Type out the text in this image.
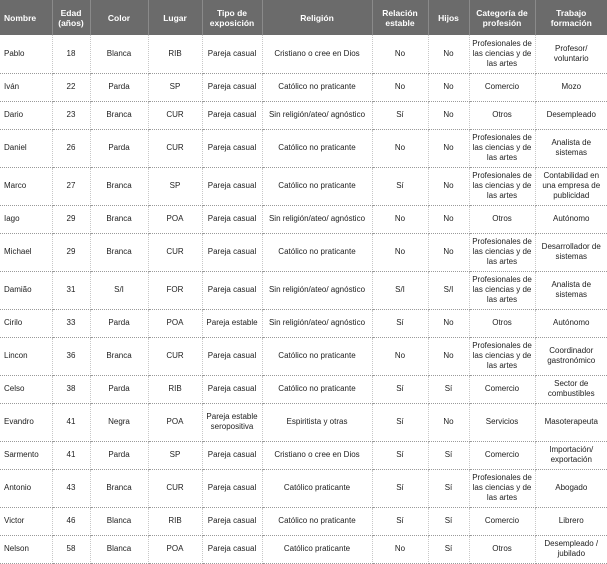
Nombre	Edad (años)	Color	Lugar	Tipo de exposición	Religión	Relación estable	Hijos	Categoría de profesión	Trabajo formación
Pablo	18	Blanca	RIB	Pareja casual	Cristiano o cree en Dios	No	No	Profesionales de las ciencias y de las artes	Profesor/ voluntario
Iván	22	Parda	SP	Pareja casual	Católico no praticante	No	No	Comercio	Mozo
Dario	23	Branca	CUR	Pareja casual	Sin religión/ateo/ agnóstico	Sí	No	Otros	Desempleado
Daniel	26	Parda	CUR	Pareja casual	Católico no praticante	No	No	Profesionales de las ciencias y de las artes	Analista de sistemas
Marco	27	Branca	SP	Pareja casual	Católico no praticante	Sí	No	Profesionales de las ciencias y de las artes	Contabilidad en una empresa de publicidad
Iago	29	Branca	POA	Pareja casual	Sin religión/ateo/ agnóstico	No	No	Otros	Autónomo
Michael	29	Branca	CUR	Pareja casual	Católico no praticante	No	No	Profesionales de las ciencias y de las artes	Desarrollador de sistemas
Damião	31	S/I	FOR	Pareja casual	Sin religión/ateo/ agnóstico	S/I	S/I	Profesionales de las ciencias y de las artes	Analista de sistemas
Cirilo	33	Parda	POA	Pareja estable	Sin religión/ateo/ agnóstico	Sí	No	Otros	Autónomo
Lincon	36	Branca	CUR	Pareja casual	Católico no praticante	No	No	Profesionales de las ciencias y de las artes	Coordinador gastronómico
Celso	38	Parda	RIB	Pareja casual	Católico no praticante	Sí	Sí	Comercio	Sector de combustibles
Evandro	41	Negra	POA	Pareja estable seropositiva	Espiritista y otras	Sí	No	Servicios	Masoterapeuta
Sarmento	41	Parda	SP	Pareja casual	Cristiano o cree en Dios	Sí	Sí	Comercio	Importación/ exportación
Antonio	43	Branca	CUR	Pareja casual	Católico praticante	Sí	Sí	Profesionales de las ciencias y de las artes	Abogado
Victor	46	Blanca	RIB	Pareja casual	Católico no praticante	Sí	Sí	Comercio	Librero
Nelson	58	Blanca	POA	Pareja casual	Católico praticante	No	Sí	Otros	Desempleado / jubilado
